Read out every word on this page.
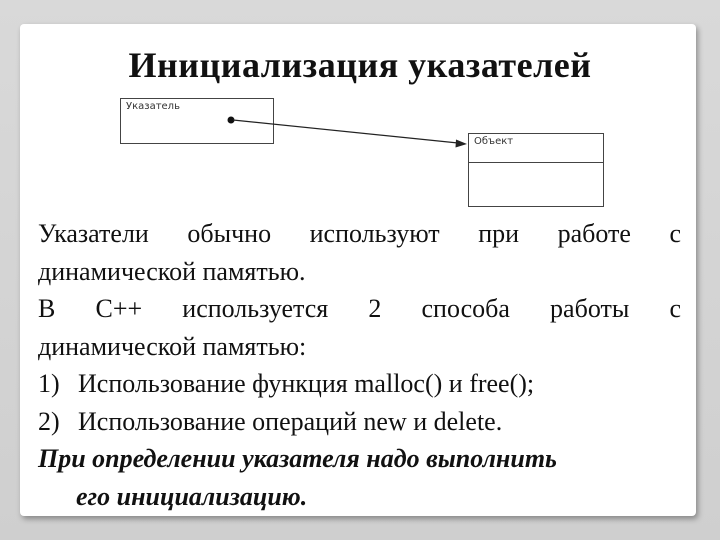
Инициализация указателей
Указатель
Объект

Указатели обычно используют при работе с

динамической памятью.

В С++ используется 2 способа работы с

динамической памятью:

1) Использование функция malloc() и free();
2) Использование операций new и delete.

При определении указателя надо выполнить
его инициализацию.
